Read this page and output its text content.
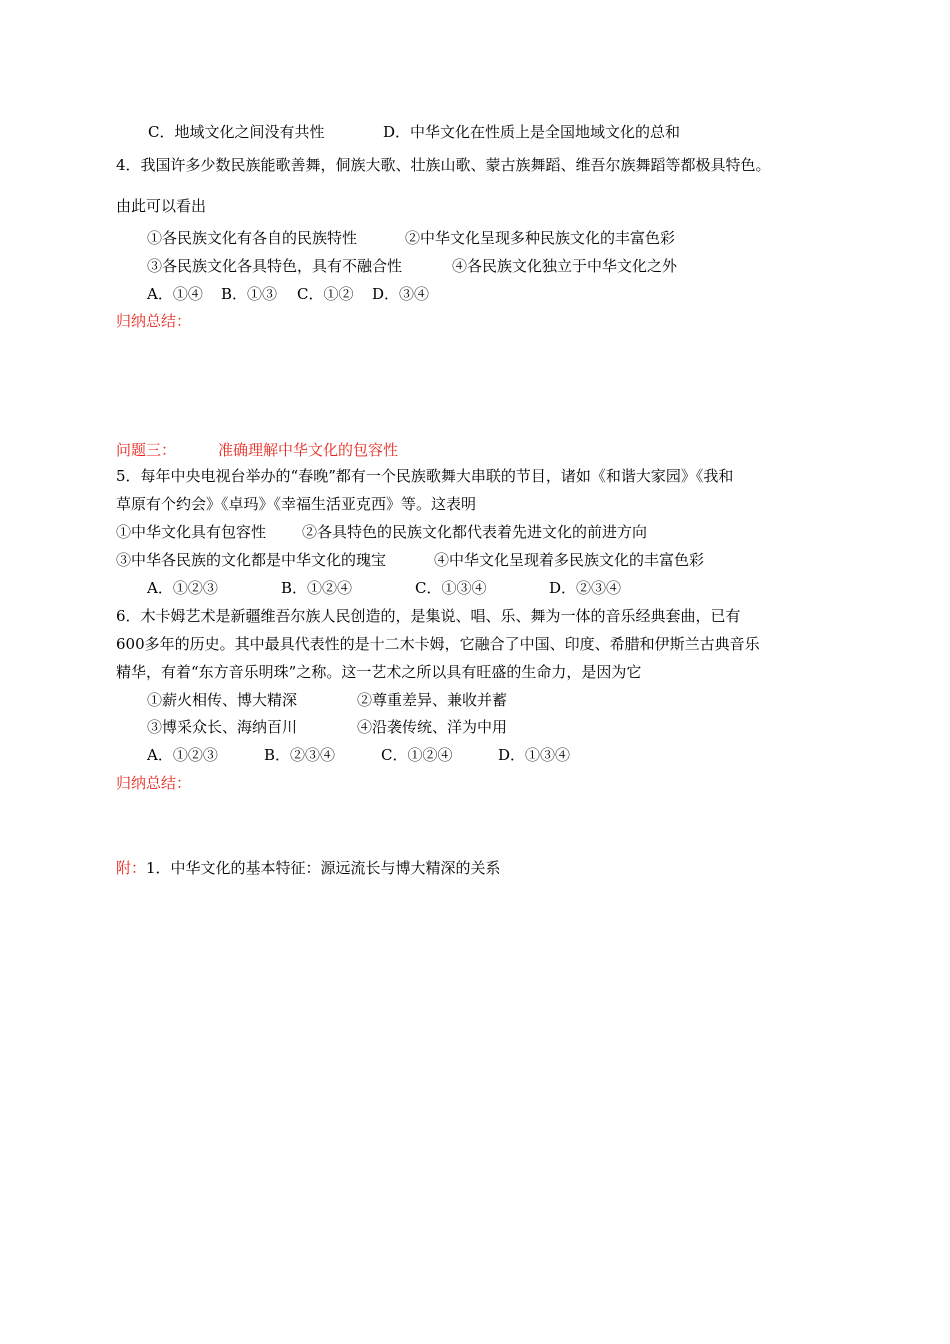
C．地域文化之间没有共性	D．中华文化在性质上是全国地域文化的总和
4．我国许多少数民族能歌善舞，侗族大歌、壮族山歌、蒙古族舞蹈、维吾尔族舞蹈等都极具特色。
由此可以看出
①各民族文化有各自的民族特性	②中华文化呈现多种民族文化的丰富色彩
③各民族文化各具特色，具有不融合性	④各民族文化独立于中华文化之外
A．①④ B．①③ C．①② D．③④
归纳总结：
问题三：	准确理解中华文化的包容性
5．每年中央电视台举办的“春晚”都有一个民族歌舞大串联的节目，诸如《和谐大家园》《我和
草原有个约会》《卓玛》《幸福生活亚克西》等。这表明
①中华文化具有包容性 ②各具特色的民族文化都代表着先进文化的前进方向
③中华各民族的文化都是中华文化的瑰宝	④中华文化呈现着多民族文化的丰富色彩
A．①②③	B．①②④	C．①③④	D．②③④
6．木卡姆艺术是新疆维吾尔族人民创造的，是集说、唱、乐、舞为一体的音乐经典套曲，已有
600多年的历史。其中最具代表性的是十二木卡姆，它融合了中国、印度、希腊和伊斯兰古典音乐
精华，有着“东方音乐明珠”之称。这一艺术之所以具有旺盛的生命力，是因为它
①薪火相传、博大精深	②尊重差异、兼收并蓄
③博采众长、海纳百川	④沿袭传统、洋为中用
A．①②③	B．②③④	C．①②④	D．①③④
归纳总结：
附： 1．中华文化的基本特征：源远流长与博大精深的关系
